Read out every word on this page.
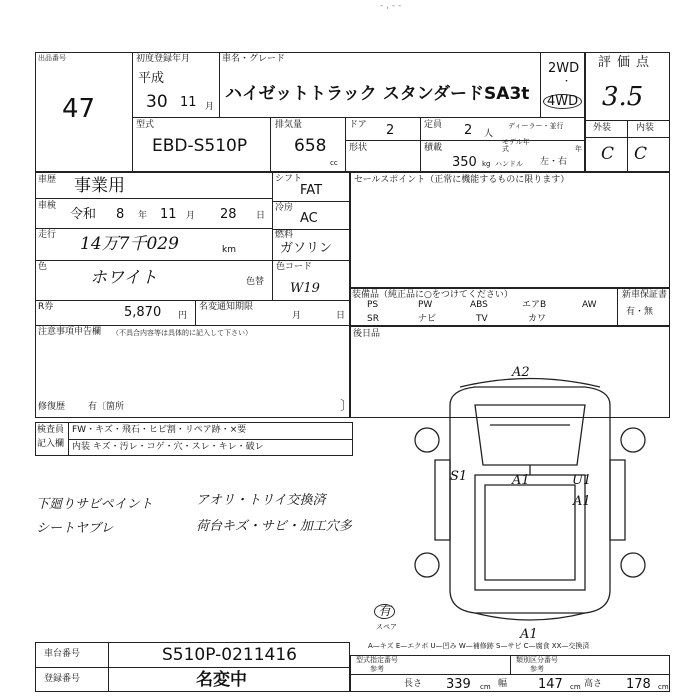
- , - -
出品番号
47
初度登録年月
平成
30 11 月
車名・グレード
ハイゼットトラック スタンダードSA3t
2WD
・
4WD
型式
EBD-S510P
排気量
658
cc
ドア 2
形状
定員 2 人
積載
350 kg
ディーラー・並行
モデル年式	年
ハンドル 左・右
評価点
3.5
外装	内装
C C
車歴 事業用
車検
令和 8 年 11 月 28 日
走行 14万7千029	km
シフト
FAT
冷房
AC
燃料
ガソリン
色
ホワイト	色替
色コード
W19
R券	5,870 円
名変通知期限
月	日
注意事項申告欄 （不具合内容等は具体的に記入して下さい）
修復歴	有〔箇所	〕
セールスポイント（正常に機能するものに限ります）
装備品（純正品に○をつけてください）	新車保証書
有・無
PS	PW	ABS	エアB	AW
SR	ナビ	TV	カワ
後日品
検査員
記入欄
FW・キズ・飛石・ヒビ割・リペア跡・×要
内装 キズ・汚レ・コゲ・穴・スレ・キレ・破レ
下廻りサビペイント
シートヤブレ
アオリ・トリイ交換済
荷台キズ・サビ・加工穴多
A2
S1	A1	U1
A1
A1
有
スペア
A—キズ E—エクボ U—凹み W—補修跡 S—サビ C—腐食 XX—交換済
車台番号	S510P-0211416
登録番号	名変中
型式指定番号
参考
類別区分番号
参考
長さ 339 cm 幅 147 cm 高さ 178 cm
